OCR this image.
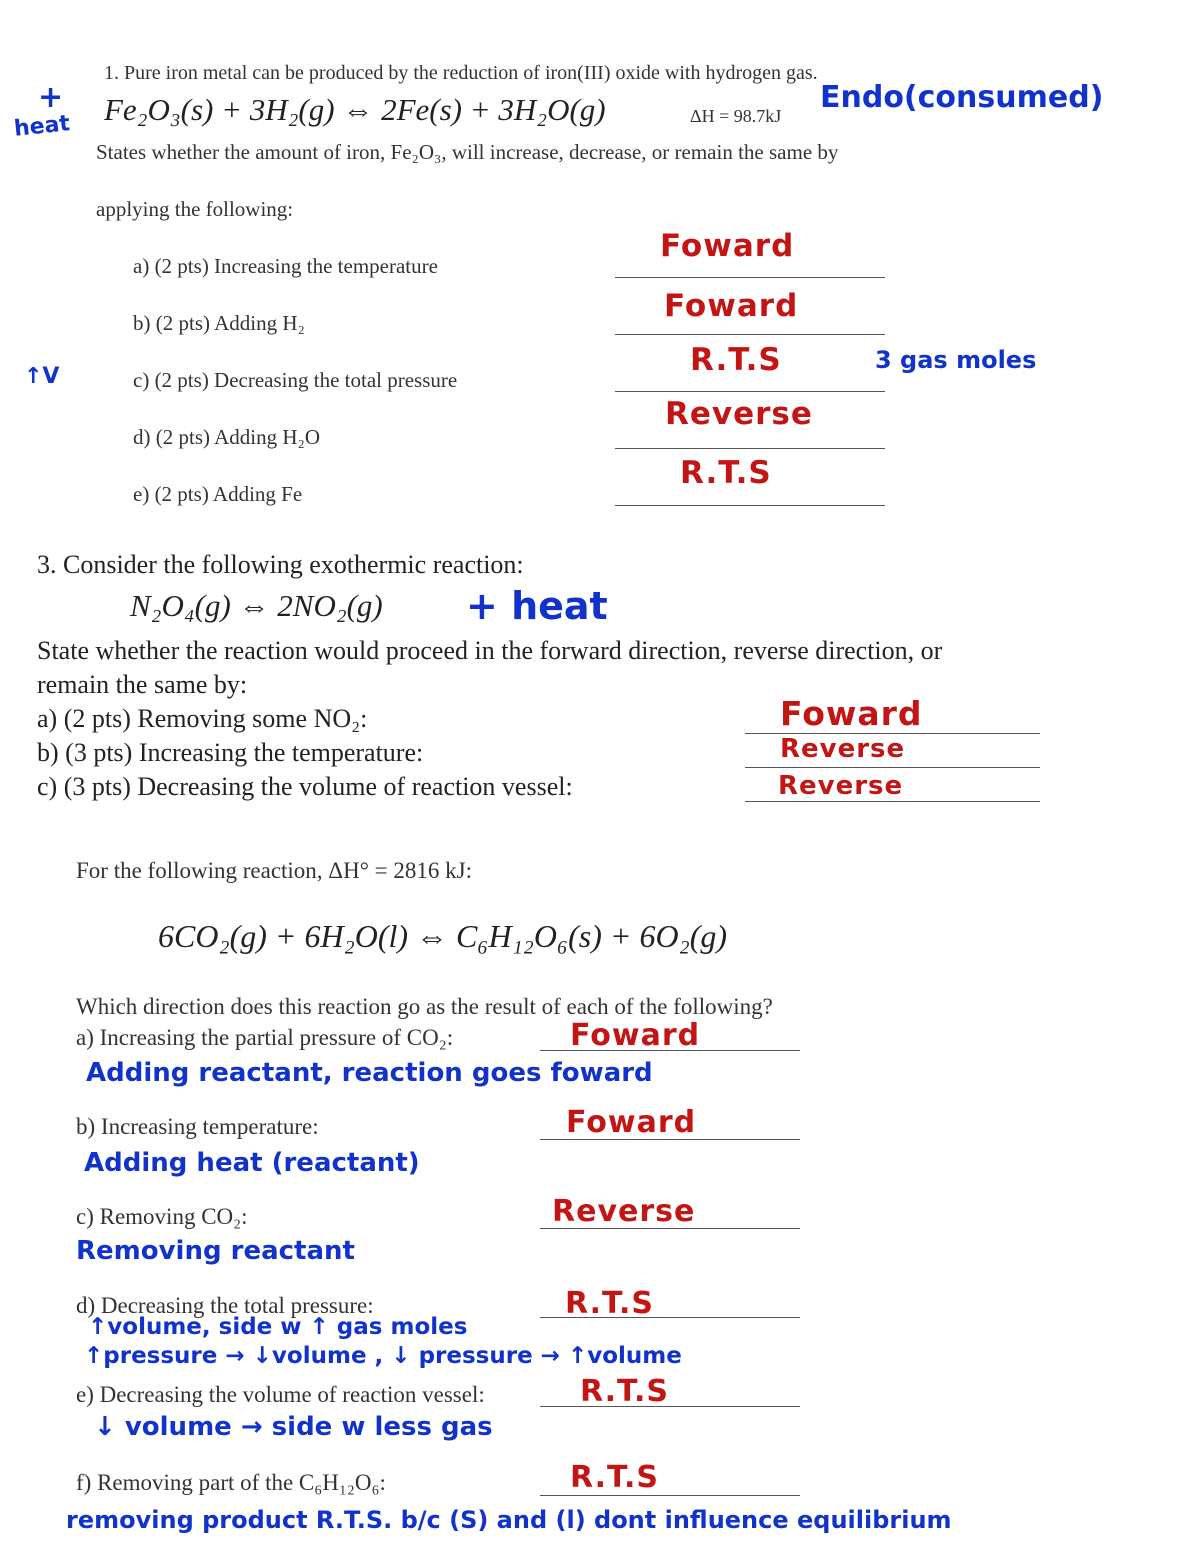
1. Pure iron metal can be produced by the reduction of iron(III) oxide with hydrogen gas.
+
heat Fe₂O₃(s) + 3H₂(g) ⇔ 2Fe(s) + 3H₂O(g)	ΔH = 98.7kJ
Endo(consumed)
States whether the amount of iron, Fe₂O₃, will increase, decrease, or remain the same by
applying the following:
a) (2 pts) Increasing the temperature
Foward
b) (2 pts) Adding H₂	Foward
↑V	c) (2 pts) Decreasing the total pressure
R.T.S	3 gas moles
d) (2 pts) Adding H₂O
Reverse
e) (2 pts) Adding Fe
R.T.S
3. Consider the following exothermic reaction:
N₂O₄(g) ⇔ 2NO₂(g) + heat
State whether the reaction would proceed in the forward direction, reverse direction, or
remain the same by:
a) (2 pts) Removing some NO₂:	Foward
b) (3 pts) Increasing the temperature:	Reverse
c) (3 pts) Decreasing the volume of reaction vessel:	Reverse
For the following reaction, ΔH° = 2816 kJ:
6CO₂(g) + 6H₂O(l) ⇔ C₆H₁₂O₆(s) + 6O₂(g)
Which direction does this reaction go as the result of each of the following?
a) Increasing the partial pressure of CO₂:	Foward
Adding reactant, reaction goes foward
b) Increasing temperature:	Foward
Adding heat (reactant)
c) Removing CO₂:	Reverse
Removing reactant
d) Decreasing the total pressure:	R.T.S
↑volume, side w ↑ gas moles
↑pressure → ↓volume , ↓ pressure → ↑volume
e) Decreasing the volume of reaction vessel:	R.T.S
↓ volume → side w less gas
f) Removing part of the C₆H₁₂O₆:	R.T.S
removing product R.T.S. b/c (S) and (l) dont influence equilibrium
